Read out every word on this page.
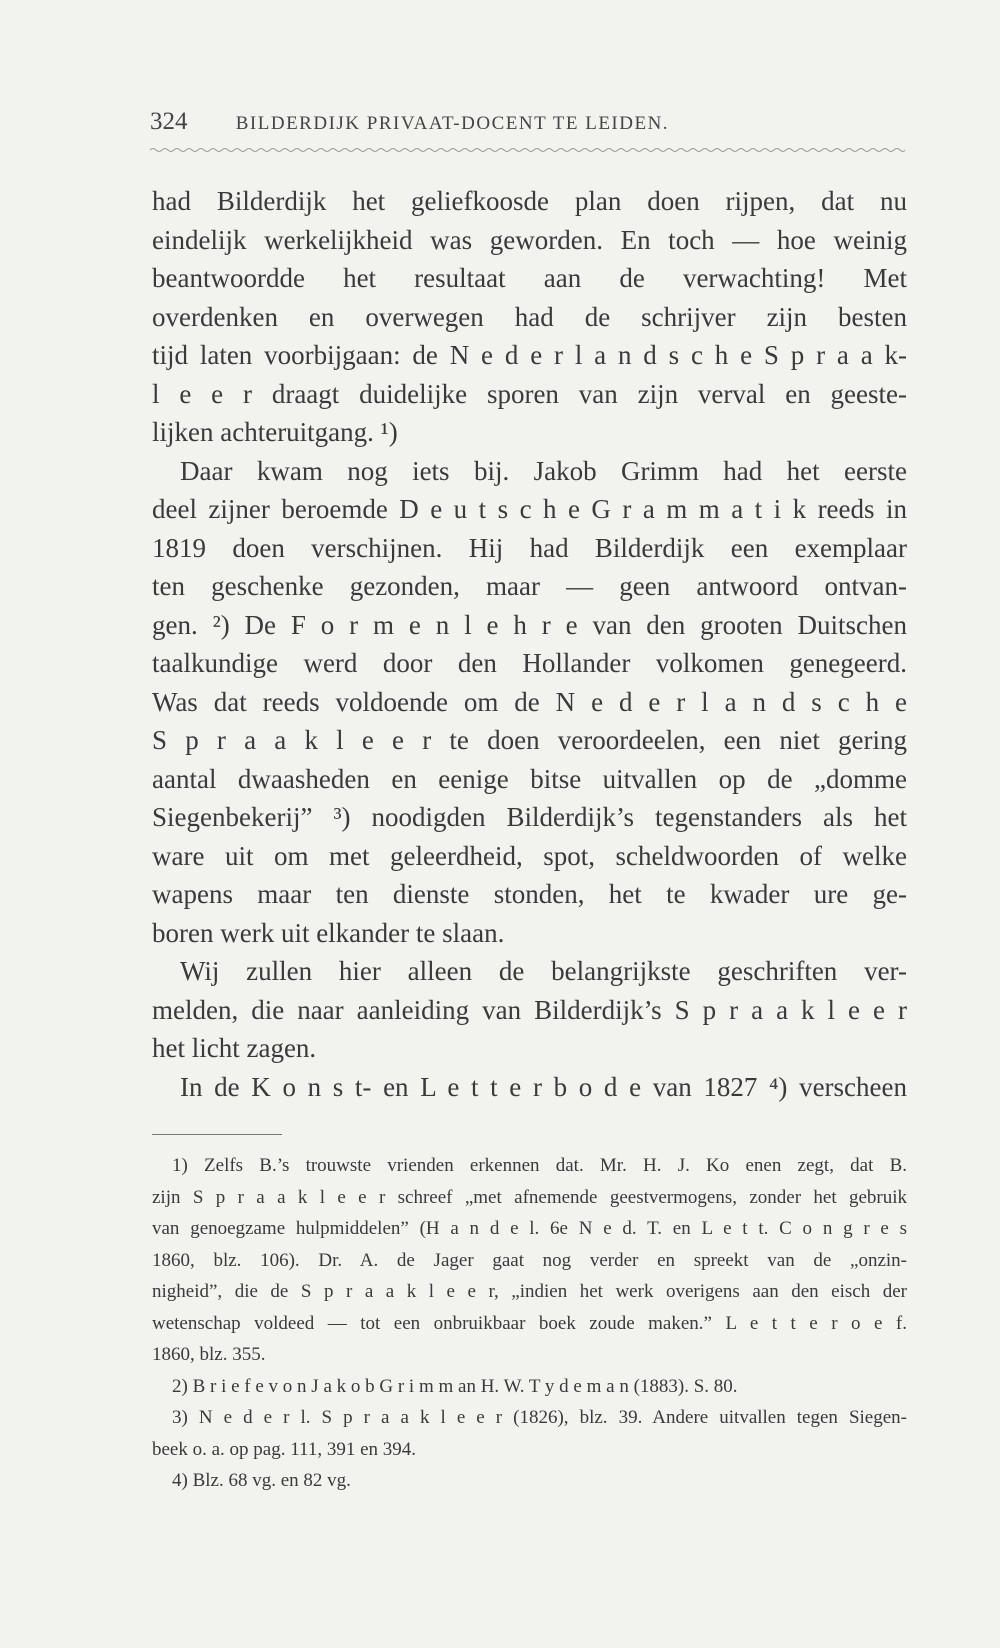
324	BILDERDIJK PRIVAAT-DOCENT TE LEIDEN.
had Bilderdijk het geliefkoosde plan doen rijpen, dat nu
eindelijk werkelijkheid was geworden. En toch — hoe weinig
beantwoordde het resultaat aan de verwachting! Met
overdenken en overwegen had de schrijver zijn besten
tijd laten voorbijgaan: de N e d e r l a n d s c h e S p r a a k-
l e e r draagt duidelijke sporen van zijn verval en geeste-
lijken achteruitgang. ¹)
Daar kwam nog iets bij. Jakob Grimm had het eerste
deel zijner beroemde D e u t s c h e G r a m m a t i k reeds in
1819 doen verschijnen. Hij had Bilderdijk een exemplaar
ten geschenke gezonden, maar — geen antwoord ontvan-
gen. ²) De F o r m e n l e h r e van den grooten Duitschen
taalkundige werd door den Hollander volkomen genegeerd.
Was dat reeds voldoende om de N e d e r l a n d s c h e
S p r a a k l e e r te doen veroordeelen, een niet gering
aantal dwaasheden en eenige bitse uitvallen op de „domme
Siegenbekerij” ³) noodigden Bilderdijk’s tegenstanders als het
ware uit om met geleerdheid, spot, scheldwoorden of welke
wapens maar ten dienste stonden, het te kwader ure ge-
boren werk uit elkander te slaan.
Wij zullen hier alleen de belangrijkste geschriften ver-
melden, die naar aanleiding van Bilderdijk’s S p r a a k l e e r
het licht zagen.
In de K o n s t- en L e t t e r b o d e van 1827 ⁴) verscheen
1) Zelfs B.’s trouwste vrienden erkennen dat. Mr. H. J. Ko enen zegt, dat B.
zijn S p r a a k l e e r schreef „met afnemende geestvermogens, zonder het gebruik
van genoegzame hulpmiddelen” (H a n d e l. 6e N e d. T. en L e t t. C o n g r e s
1860, blz. 106). Dr. A. de Jager gaat nog verder en spreekt van de „onzin-
nigheid”, die de S p r a a k l e e r, „indien het werk overigens aan den eisch der
wetenschap voldeed — tot een onbruikbaar boek zoude maken.” L e t t e r o e f.
1860, blz. 355.
2) B r i e f e v o n J a k o b G r i m m an H. W. T y d e m a n (1883). S. 80.
3) N e d e r l. S p r a a k l e e r (1826), blz. 39. Andere uitvallen tegen Siegen-
beek o. a. op pag. 111, 391 en 394.
4) Blz. 68 vg. en 82 vg.
